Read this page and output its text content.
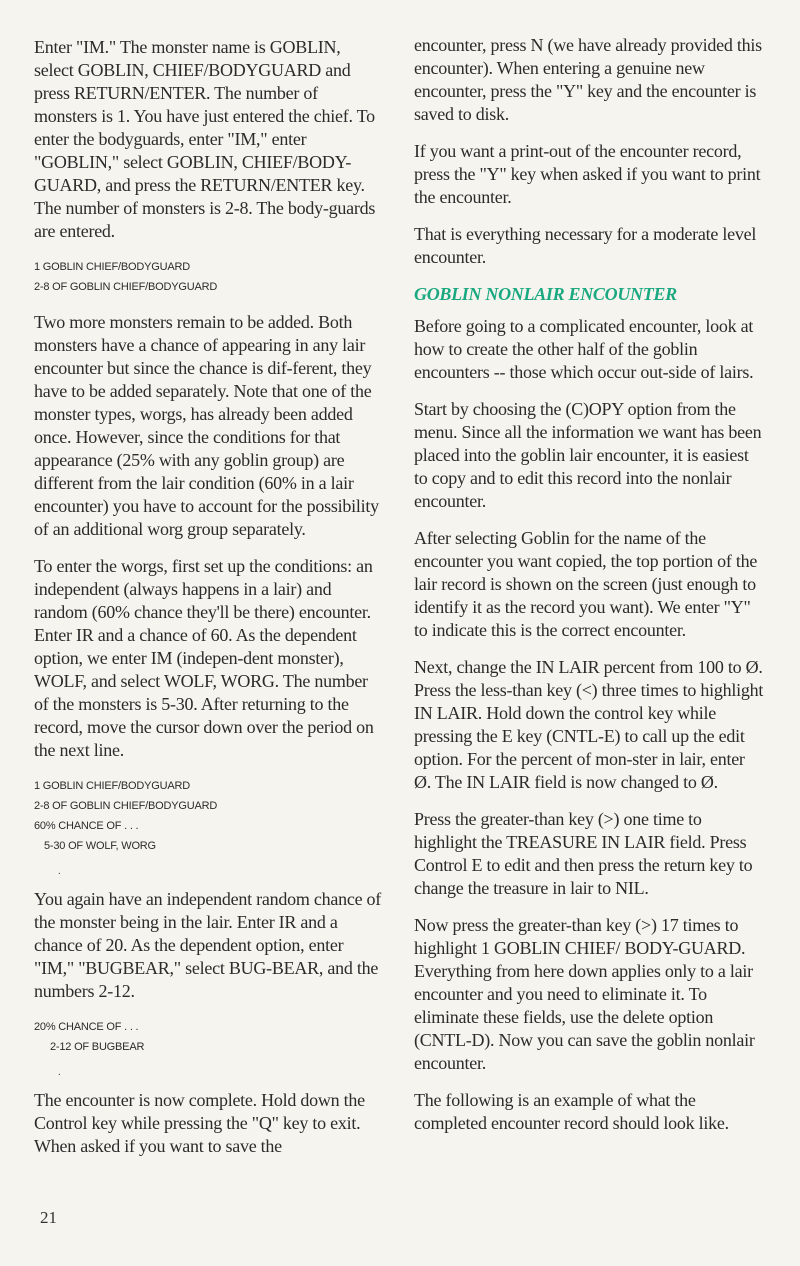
Enter "IM." The monster name is GOBLIN, select GOBLIN, CHIEF/BODYGUARD and press RETURN/ENTER. The number of monsters is 1. You have just entered the chief. To enter the bodyguards, enter "IM," enter "GOBLIN," select GOBLIN, CHIEF/BODY-GUARD, and press the RETURN/ENTER key. The number of monsters is 2-8. The body-guards are entered.

1 GOBLIN CHIEF/BODYGUARD
2-8 OF GOBLIN CHIEF/BODYGUARD

Two more monsters remain to be added. Both monsters have a chance of appearing in any lair encounter but since the chance is dif-ferent, they have to be added separately. Note that one of the monster types, worgs, has already been added once. However, since the conditions for that appearance (25% with any goblin group) are different from the lair condition (60% in a lair encounter) you have to account for the possibility of an additional worg group separately.

To enter the worgs, first set up the conditions: an independent (always happens in a lair) and random (60% chance they'll be there) encounter. Enter IR and a chance of 60. As the dependent option, we enter IM (indepen-dent monster), WOLF, and select WOLF, WORG. The number of the monsters is 5-30. After returning to the record, move the cursor down over the period on the next line.

1 GOBLIN CHIEF/BODYGUARD
2-8 OF GOBLIN CHIEF/BODYGUARD
60% CHANCE OF . . .
5-30 OF WOLF, WORG
.

You again have an independent random chance of the monster being in the lair. Enter IR and a chance of 20. As the dependent option, enter "IM," "BUGBEAR," select BUG-BEAR, and the numbers 2-12.

20% CHANCE OF . . .
2-12 OF BUGBEAR
.

The encounter is now complete. Hold down the Control key while pressing the "Q" key to exit. When asked if you want to save the

encounter, press N (we have already provided this encounter). When entering a genuine new encounter, press the "Y" key and the encounter is saved to disk.

If you want a print-out of the encounter record, press the "Y" key when asked if you want to print the encounter.

That is everything necessary for a moderate level encounter.

GOBLIN NONLAIR ENCOUNTER

Before going to a complicated encounter, look at how to create the other half of the goblin encounters -- those which occur out-side of lairs.

Start by choosing the (C)OPY option from the menu. Since all the information we want has been placed into the goblin lair encounter, it is easiest to copy and to edit this record into the nonlair encounter.

After selecting Goblin for the name of the encounter you want copied, the top portion of the lair record is shown on the screen (just enough to identify it as the record you want). We enter "Y" to indicate this is the correct encounter.

Next, change the IN LAIR percent from 100 to Ø. Press the less-than key (<) three times to highlight IN LAIR. Hold down the control key while pressing the E key (CNTL-E) to call up the edit option. For the percent of mon-ster in lair, enter Ø. The IN LAIR field is now changed to Ø.

Press the greater-than key (>) one time to highlight the TREASURE IN LAIR field. Press Control E to edit and then press the return key to change the treasure in lair to NIL.

Now press the greater-than key (>) 17 times to highlight 1 GOBLIN CHIEF/ BODY-GUARD. Everything from here down applies only to a lair encounter and you need to eliminate it. To eliminate these fields, use the delete option (CNTL-D). Now you can save the goblin nonlair encounter.

The following is an example of what the completed encounter record should look like.

21
